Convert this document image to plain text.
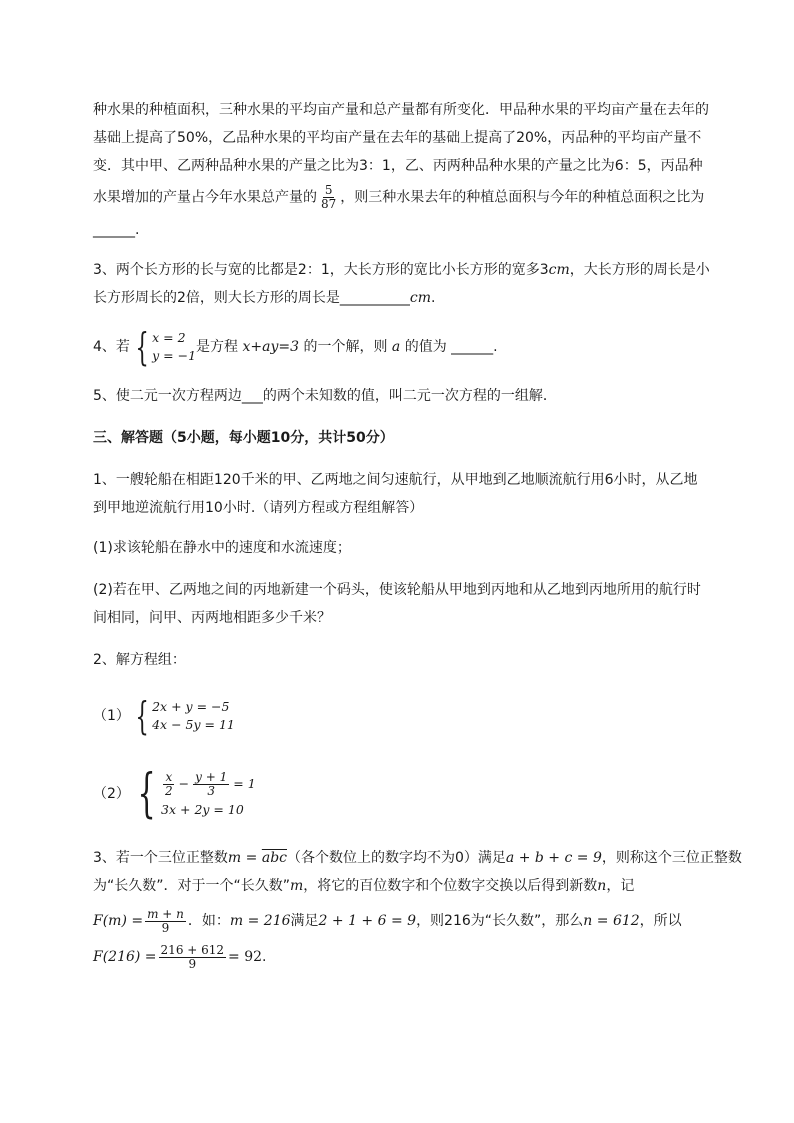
种水果的种植面积，三种水果的平均亩产量和总产量都有所变化．甲品种水果的平均亩产量在去年的
基础上提高了50%，乙品种水果的平均亩产量在去年的基础上提高了20%，丙品种的平均亩产量不
变．其中甲、乙两种品种水果的产量之比为3：1，乙、丙两种品种水果的产量之比为6：5，丙品种
水果增加的产量占今年水果总产量的 $\frac{5}{87}$ ，则三种水果去年的种植总面积与今年的种植总面积之比为
______.
3、两个长方形的长与宽的比都是2：1，大长方形的宽比小长方形的宽多3cm，大长方形的周长是小
长方形周长的2倍，则大长方形的周长是__________cm.
4、若 { x = 2
y = −1
是方程 x+ay=3 的一个解，则 a 的值为 ______.
5、使二元一次方程两边___的两个未知数的值，叫二元一次方程的一组解．
三、解答题（5小题，每小题10分，共计50分）
1、一艘轮船在相距120千米的甲、乙两地之间匀速航行，从甲地到乙地顺流航行用6小时，从乙地
到甲地逆流航行用10小时.（请列方程或方程组解答）
(1)求该轮船在静水中的速度和水流速度；
(2)若在甲、乙两地之间的丙地新建一个码头，使该轮船从甲地到丙地和从乙地到丙地所用的航行时
间相同，问甲、丙两地相距多少千米？
2、解方程组：
（1） { 2x + y = −5
4x − 5y = 11
（2） { $\frac{x}{2} - \frac{y + 1}{3} = 1$
3x + 2y = 10
3、若一个三位正整数$m = \overline{abc}$（各个数位上的数字均不为0）满足a + b + c = 9，则称这个三位正整数
为“长久数”．对于一个“长久数”m，将它的百位数字和个位数字交换以后得到新数n，记
$F(m) = \frac{m + n}{9}$ ．如：m = 216满足2 + 1 + 6 = 9，则216为“长久数”，那么n = 612，所以
$F(216) = \frac{216 + 612}{9} = 92$.
